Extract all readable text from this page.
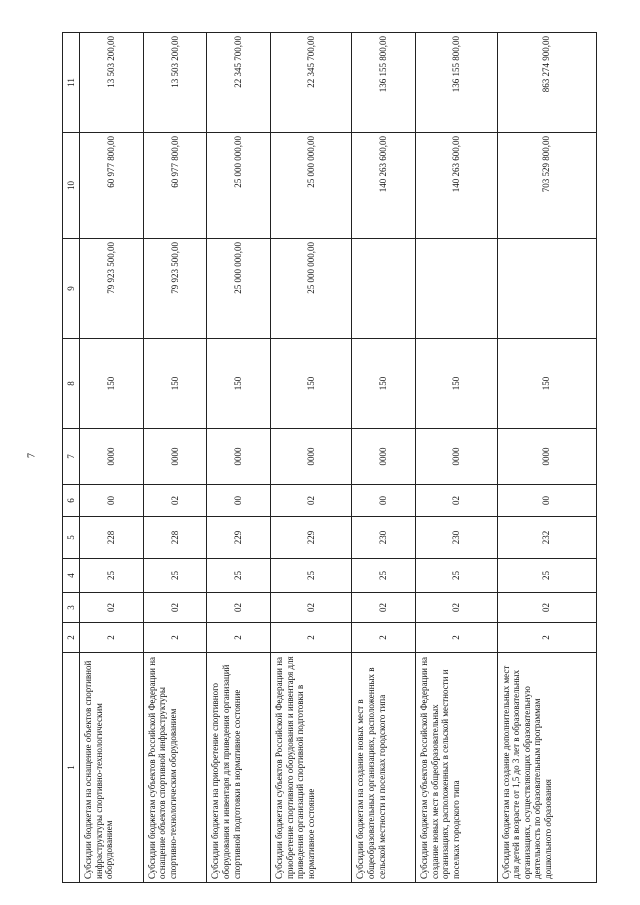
7
1	2	3	4	5	6	7	8	9	10	11
Субсидии бюджетам на оснащение объектов спортивной инфраструктуры спортивно-технологическим оборудованием	2	02	25	228	00	0000	150	79 923 500,00	60 977 800,00	13 503 200,00
Субсидии бюджетам субъектов Российской Федерации на оснащение объектов спортивной инфраструктуры спортивно-технологическим оборудованием	2	02	25	228	02	0000	150	79 923 500,00	60 977 800,00	13 503 200,00
Субсидии бюджетам на приобретение спортивного оборудования и инвентаря для приведения организаций спортивной подготовки в нормативное состояние	2	02	25	229	00	0000	150	25 000 000,00	25 000 000,00	22 345 700,00
Субсидии бюджетам субъектов Российской Федерации на приобретение спортивного оборудования и инвентаря для приведения организаций спортивной подготовки в нормативное состояние	2	02	25	229	02	0000	150	25 000 000,00	25 000 000,00	22 345 700,00
Субсидии бюджетам на создание новых мест в общеобразовательных организациях, расположенных в сельской местности и поселках городского типа	2	02	25	230	00	0000	150		140 263 600,00	136 155 800,00
Субсидии бюджетам субъектов Российской Федерации на создание новых мест в общеобразовательных организациях, расположенных в сельской местности и поселках городского типа	2	02	25	230	02	0000	150		140 263 600,00	136 155 800,00
Субсидии бюджетам на создание дополнительных мест для детей в возрасте от 1,5 до 3 лет в образовательных организациях, осуществляющих образовательную деятельность по образовательным программам дошкольного образования	2	02	25	232	00	0000	150		703 529 800,00	863 274 900,00
